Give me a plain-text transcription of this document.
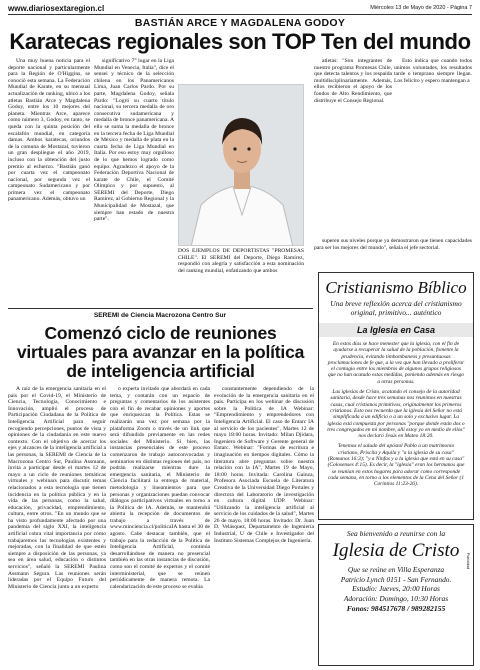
www.diariosextaregion.cl	Miércoles 13 de Mayo de 2020 - Página 7
BASTIÁN ARCE Y MAGDALENA GODOY
Karatecas regionales son TOP Ten del mundo

Una muy buena noticia para el deporte nacional y particularmente para la Región de O'Higgins, se conoció esta semana. La Federación Mundial de Karate, en su mensual actualización de ranking, ubicó a los atletas Bastián Arce y Magdalena Godoy, entre los 10 mejores del planeta. Mientras Arce, aparece como número 3, Godoy, en tanto, se queda con la quinta posición del escalafón mundial, en categoría damas. Ambos karatecas, oriundos de la comuna de Mostazal, tuvieron un gran despliegue el año 2019, incluso con la obtención del justo premio al esfuerzo. "Bastián ganó por cuarta vez el campeonato nacional, por segunda vez el campeonato Sudamericano y por primera vez el campeonato panamericano. Además, obtuvo un

significativo 7° lugar en la Liga Mundial en Venecia, Italia", dice el sensei y técnico de la selección chilena en los Panamericanos Lima, Juan Carlos Pardo. Por su parte, Magdalena Godoy, señala Pardo: "Logró su cuarto título nacional, su tercera medalla de oro consecutiva sudamericana y medalla de bronce panamericana. A ello se suma la medalla de bronce en la tercera fecha de Liga Mundial de México y medalla de plata en la cuarta fecha de Liga Mundial en Italia. Por eso estoy muy orgulloso de lo que hemos logrado como equipo. Agradezco el apoyo de la Federación Deportiva Nacional de karate de Chile, el Comité Olímpico y por supuesto, al SEREMI del Deporte, Diego Ramírez, al Gobierno Regional y la Municipalidad de Mostazal, que siempre han estado de nuestra parte".

DOS EJEMPLOS DE DEPORTISTAS "PROMESAS CHILE". El SEREMI del Deporte, Diego Ramírez, respondió con alegría y satisfacción a esta nominación del ranking mundial, enfatizando que ambos

atletas: "Son integrantes de nuestro programa Promesas Chile, que detecta talentos y los respalda multidisciplinariamente. Además, ellos recibieron el apoyo de los fondos de Alto Rendimiento, que distribuye el Consejo Regional.

Esto indica que cuando todos unimos voluntades, los resultados tarde o temprano siempre llegan. Los felicito y espero mantengan a

superen sus niveles porque ya demostraron que tienen capacidades para ser los mejores del mundo", señala el jefe sectorial.

SEREMI de Ciencia Macrozona Centro Sur
Comenzó ciclo de reuniones virtuales para avanzar en la política de inteligencia artificial

A raíz de la emergencia sanitaria en el país por el Covid-19, el Ministerio de Ciencia, Tecnología, Conocimiento e Innovación, amplió el proceso de Participación Ciudadana de la Política de Inteligencia Artificial para seguir recogiendo percepciones, puntos de vista y opiniones de la ciudadanía en este nuevo contexto. Con el objetivo de acercar los ejes y alcances de la inteligencia artificial a las personas, la SEREMI de Ciencia de la Macrozona Centro Sur, Paulina Assmann, invita a participar desde el martes 12 de mayo a un ciclo de reuniones temáticas virtuales y webinars para discutir temas relacionados a esta tecnología que tienen incidencia en la política pública y en la vida de las personas, como la salud, educación, privacidad, emprendimiento, cultura, entre otros. "En un mundo que se ha visto profundamente afectado por una pandemia del siglo XXI, la inteligencia artificial cobra vital importancia por cómo trabajaremos las tecnologías existentes y mejoradas, con la finalidad de que estén siempre a disposición de las personas, ya sea en área salud, educación o distintos servicios", señaló la SEREMI Paulina Assmann Segura. Las reuniones serán lideradas por el Equipo Futuro del Ministerio de Ciencia junto a un experto

o experta invitado que abordará en cada tema, y contarán con un espacio de preguntas y comentarios de los asistentes con el fin de recabar opiniones y aportes que enriquezcan la Política. Estas se realizarán una vez por semana por la plataforma Zoom o través de un link que será difundido previamente en las redes sociales del Ministerio. Si bien, las instancias presenciales de este proceso comenzaron de trabajo autoconvocadas y seminarios en distintas regiones del país, no podrán realizarse mientras dure la emergencia sanitaria, el Ministerio de Ciencia facilitará la entrega de material, metodología y lineamientos para que personas y organizaciones puedan convocar diálogos participativos virtuales en torno a la Política de IA. Además, se mantendrá abierta la recepción de documentos de trabajo a través de www.minciencia.cl/politicaIA hasta el 30 de agosto. Cabe destacar también, que el trabajo para la redacción de la Política de Inteligencia Artificial, continúa desarrollándose de manera no presencial también en las otras instancias de discusión, como son el comité de expertos y el comité interministerial, que se reúnen periódicamente de manera remota. La calendarización de este proceso se evalúa

constantemente dependiendo de la evolución de la emergencia sanitaria en el país. Participa en los webinar de discusión sobre la Política de IA Webinar: "Emprendimiento y emprendedores con Inteligencia Artificial. El caso de Entarc IA al servicio de los pacientes", Martes 12 de mayo 18:00 horas. Invitado: Milan Djidara, Ingeniero de Software y Gerente general de Entarc. Webinar: "Formas de escritura e imaginación en tiempos digitales. Cómo la literatura abre preguntas sobre nuestra relación con la IA", Martes 19 de Mayo, 18:00 horas. Invitada: Carolina Gainza, Profesora Asociada Escuela de Literatura Creativa de la Universidad Diego Portales y directora del Laboratorio de investigación en cultura digital UDP. Webinar: "Utilizando la inteligencia artificial al servicio de los cuidados de la salud", Martes 26 de mayo, 18:00 horas. Invitado: Dr. Juan D. Velásquez, Departamento de Ingeniería Industrial, U de Chile e Investigador del Instituto Sistemas Complejos de Ingeniería.

Cristianismo Bíblico
Una breve reflexión acerca del cristianismo original, primitivo... auténtico
La Iglesia en Casa

En estos días se hace menester que la iglesia, con el fin de ayudarse a recuperar la salud de la población, fomente la prudencia, evitando timbombaneos y presuntuosas proclamaciones de fe que, a la vez que han llevado a proliferar el contagio entre los miembros de algunos grupos religiosos que no han acatado estas medidas, poniendo además en riesgo a otras personas.

Las iglesias de Cristo, acatando el consejo de la autoridad sanitaria, desde hace tres semanas nos reunimos en nuestras casas, cual cristianos primitivos, originalmente los primeros cristianos. Esto nos recuerda que la iglesia del Señor no está simplificada a un edificio o a un solo y exclusivo lugar. La iglesia está compuesta por personas "porque donde están dos o tres congregados en mi nombre, allí estoy yo en medio de ellos" nos declaró Jesús en Mateo 18:20.

Tenemos el saludo del apóstol Pablo a un matrimonio cristiano, Priscila y Aquila y "a la iglesia de su casa" (Romanos 16:3); "y a Ninfas y a la iglesia que está en su casa" (Colosenses 4:15). Es decir, la "iglesia" eran los hermanos que se reunían en estos hogares para adorar como corresponde cada semana, en torno a los elementos de la Cena del Señor (1 Corintios 11:23-26).

Sea bienvenido a reunirse con la
Iglesia de Cristo
Publicidad
Que se reúne en Villa Esperanza
Patricio Lynch 0151 - San Fernando.
Estudio: Jueves, 20:00 Horas
Adoración: Domingo, 10:30 Horas
Fonos: 984517678 / 989282155
